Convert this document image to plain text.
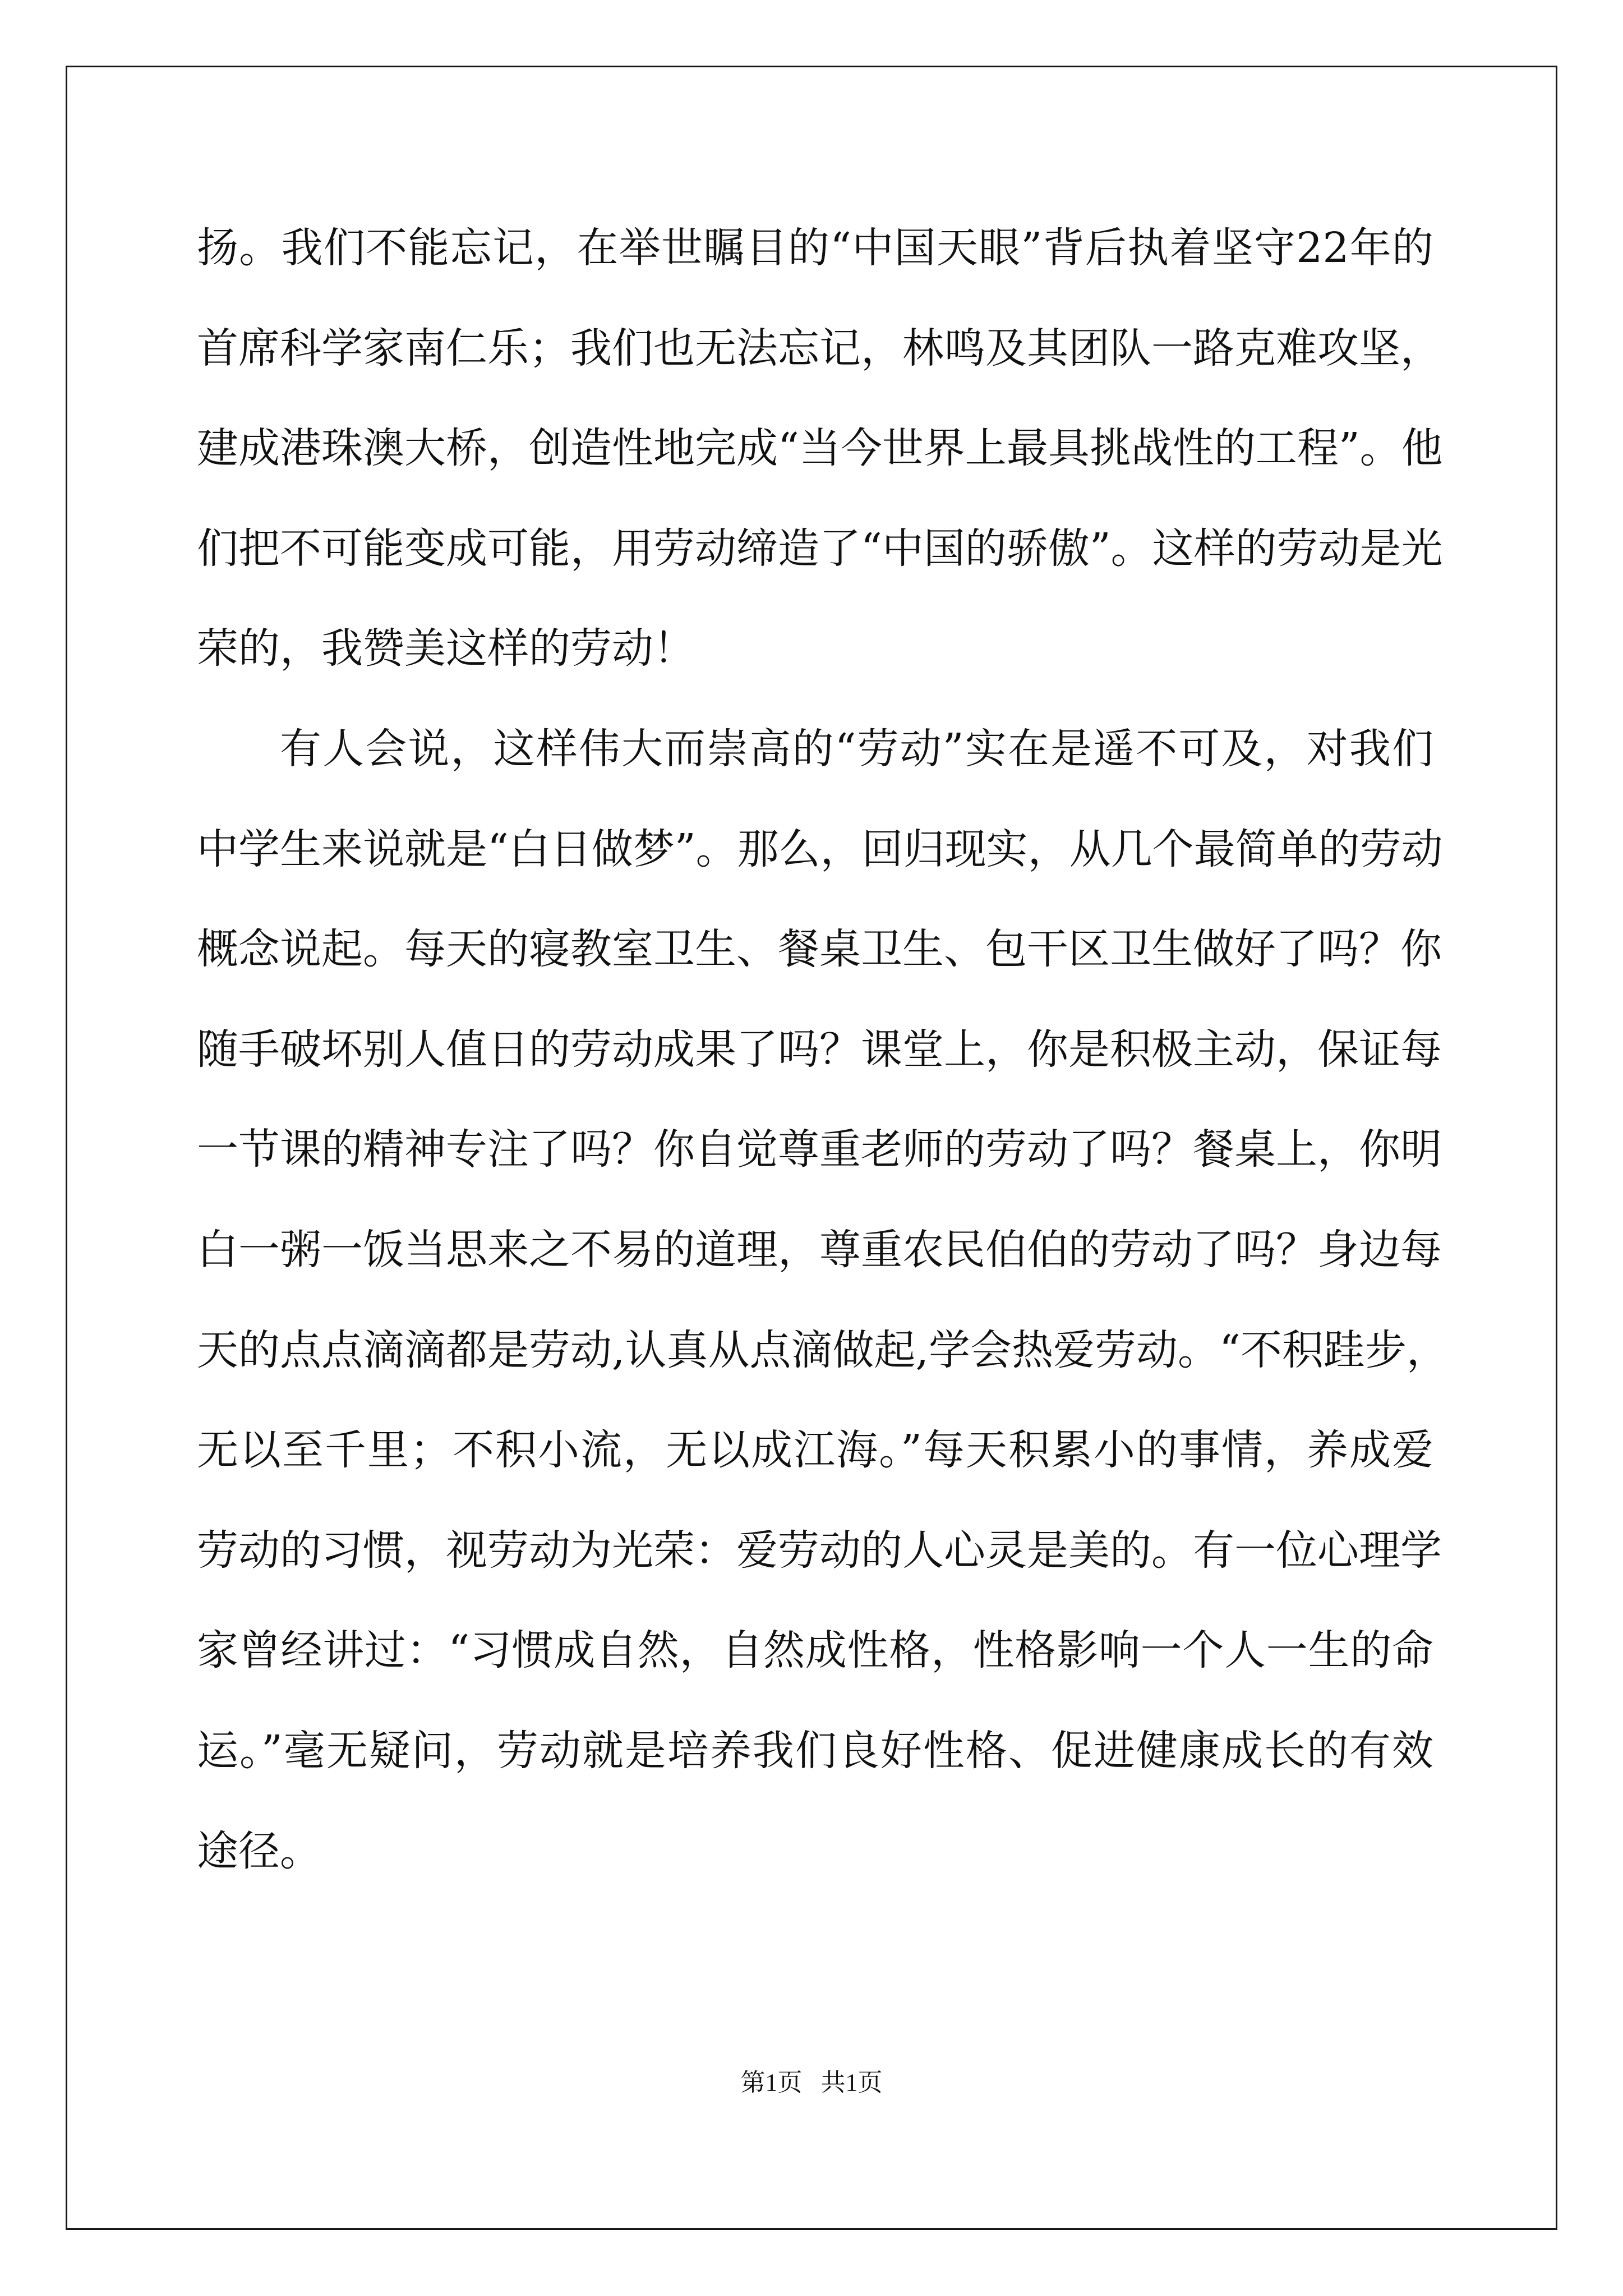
扬。我们不能忘记，在举世瞩目的“中国天眼”背后执着坚守22年的
首席科学家南仁乐；我们也无法忘记，林鸣及其团队一路克难攻坚，
建成港珠澳大桥，创造性地完成“当今世界上最具挑战性的工程”。他
们把不可能变成可能，用劳动缔造了“中国的骄傲”。这样的劳动是光
荣的，我赞美这样的劳动！
有人会说，这样伟大而崇高的“劳动”实在是遥不可及，对我们
中学生来说就是“白日做梦”。那么，回归现实，从几个最简单的劳动
概念说起。每天的寝教室卫生、餐桌卫生、包干区卫生做好了吗？你
随手破坏别人值日的劳动成果了吗？课堂上，你是积极主动，保证每
一节课的精神专注了吗？你自觉尊重老师的劳动了吗？餐桌上，你明
白一粥一饭当思来之不易的道理，尊重农民伯伯的劳动了吗？身边每
天的点点滴滴都是劳动,认真从点滴做起,学会热爱劳动。“不积跬步，
无以至千里；不积小流，无以成江海。”每天积累小的事情，养成爱
劳动的习惯，视劳动为光荣：爱劳动的人心灵是美的。有一位心理学
家曾经讲过：“习惯成自然，自然成性格，性格影响一个人一生的命
运。”毫无疑问，劳动就是培养我们良好性格、促进健康成长的有效
途径。
第1页   共1页
